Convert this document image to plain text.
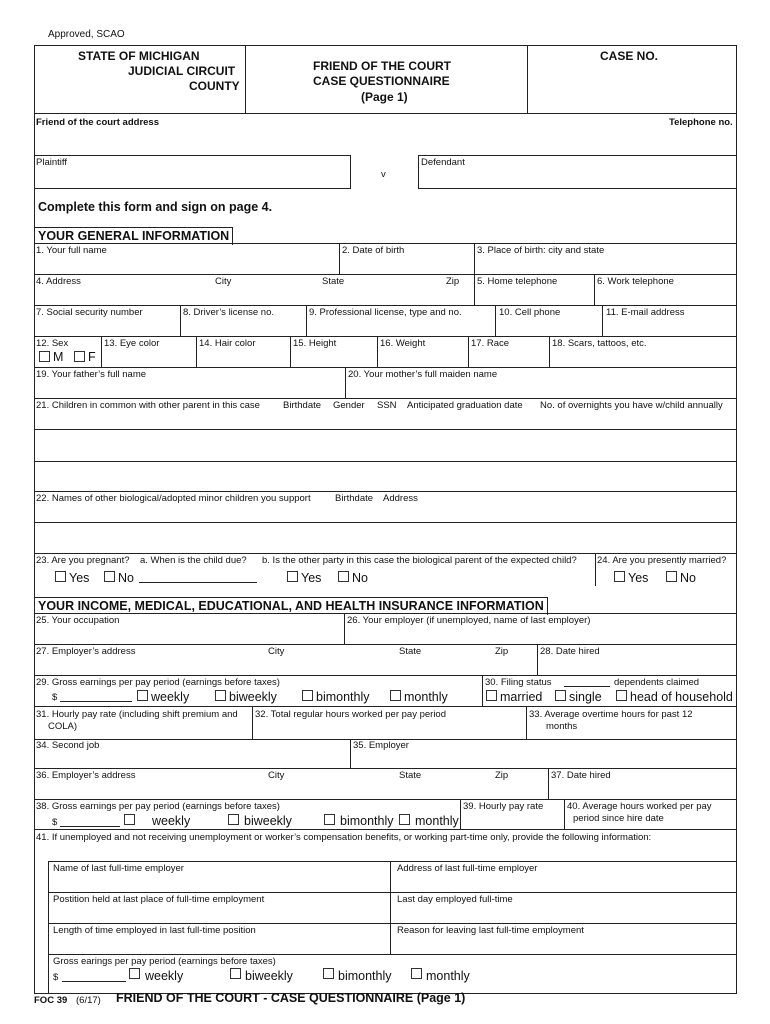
Approved, SCAO
STATE OF MICHIGAN
JUDICIAL CIRCUIT
COUNTY
FRIEND OF THE COURT
CASE QUESTIONNAIRE
(Page 1)
CASE NO.
Friend of the court address	Telephone no.
Plaintiff
v
Defendant
Complete this form and sign on page 4.
YOUR GENERAL INFORMATION
1. Your full name	2. Date of birth	3. Place of birth: city and state
4. Address	City	State	Zip 5. Home telephone	6. Work telephone
7. Social security number	8. Driver’s license no.	9. Professional license, type and no.	10. Cell phone	11. E-mail address
12. Sex
M F
13. Eye color	14. Hair color	15. Height	16. Weight	17. Race	18. Scars, tattoos, etc.
19. Your father’s full name	20. Your mother’s full maiden name
21. Children in common with other parent in this case Birthdate Gender SSN Anticipated graduation date No. of overnights you have w/child annually
22. Names of other biological/adopted minor children you support	Birthdate Address
23. Are you pregnant? a. When is the child due? b. Is the other party in this case the biological parent of the expected child? 24. Are you presently married?
Yes No	Yes No	Yes	No
YOUR INCOME, MEDICAL, EDUCATIONAL, AND HEALTH INSURANCE INFORMATION
25. Your occupation	26. Your employer (if unemployed, name of last employer)
27. Employer’s address	City	State	Zip	28. Date hired
29. Gross earnings per pay period (earnings before taxes)
$	weekly	biweekly	bimonthly	monthly
30. Filing status	dependents claimed
married single head of household
31. Hourly pay rate (including shift premium and
COLA)
32. Total regular hours worked per pay period	33. Average overtime hours for past 12
months
34. Second job	35. Employer
36. Employer’s address	City	State	Zip	37. Date hired
38. Gross earnings per pay period (earnings before taxes)
$	weekly	biweekly	bimonthly monthly
39. Hourly pay rate 40. Average hours worked per pay
period since hire date
41. If unemployed and not receiving unemployment or worker’s compensation benefits, or working part-time only, provide the following information:
Name of last full-time employer	Address of last full-time employer
Postition held at last place of full-time employment	Last day employed full-time
Length of time employed in last full-time position	Reason for leaving last full-time employment
Gross earings per pay period (earnings before taxes)
$	weekly	biweekly	bimonthly	monthly
FOC 39 (6/17) FRIEND OF THE COURT - CASE QUESTIONNAIRE (Page 1)
